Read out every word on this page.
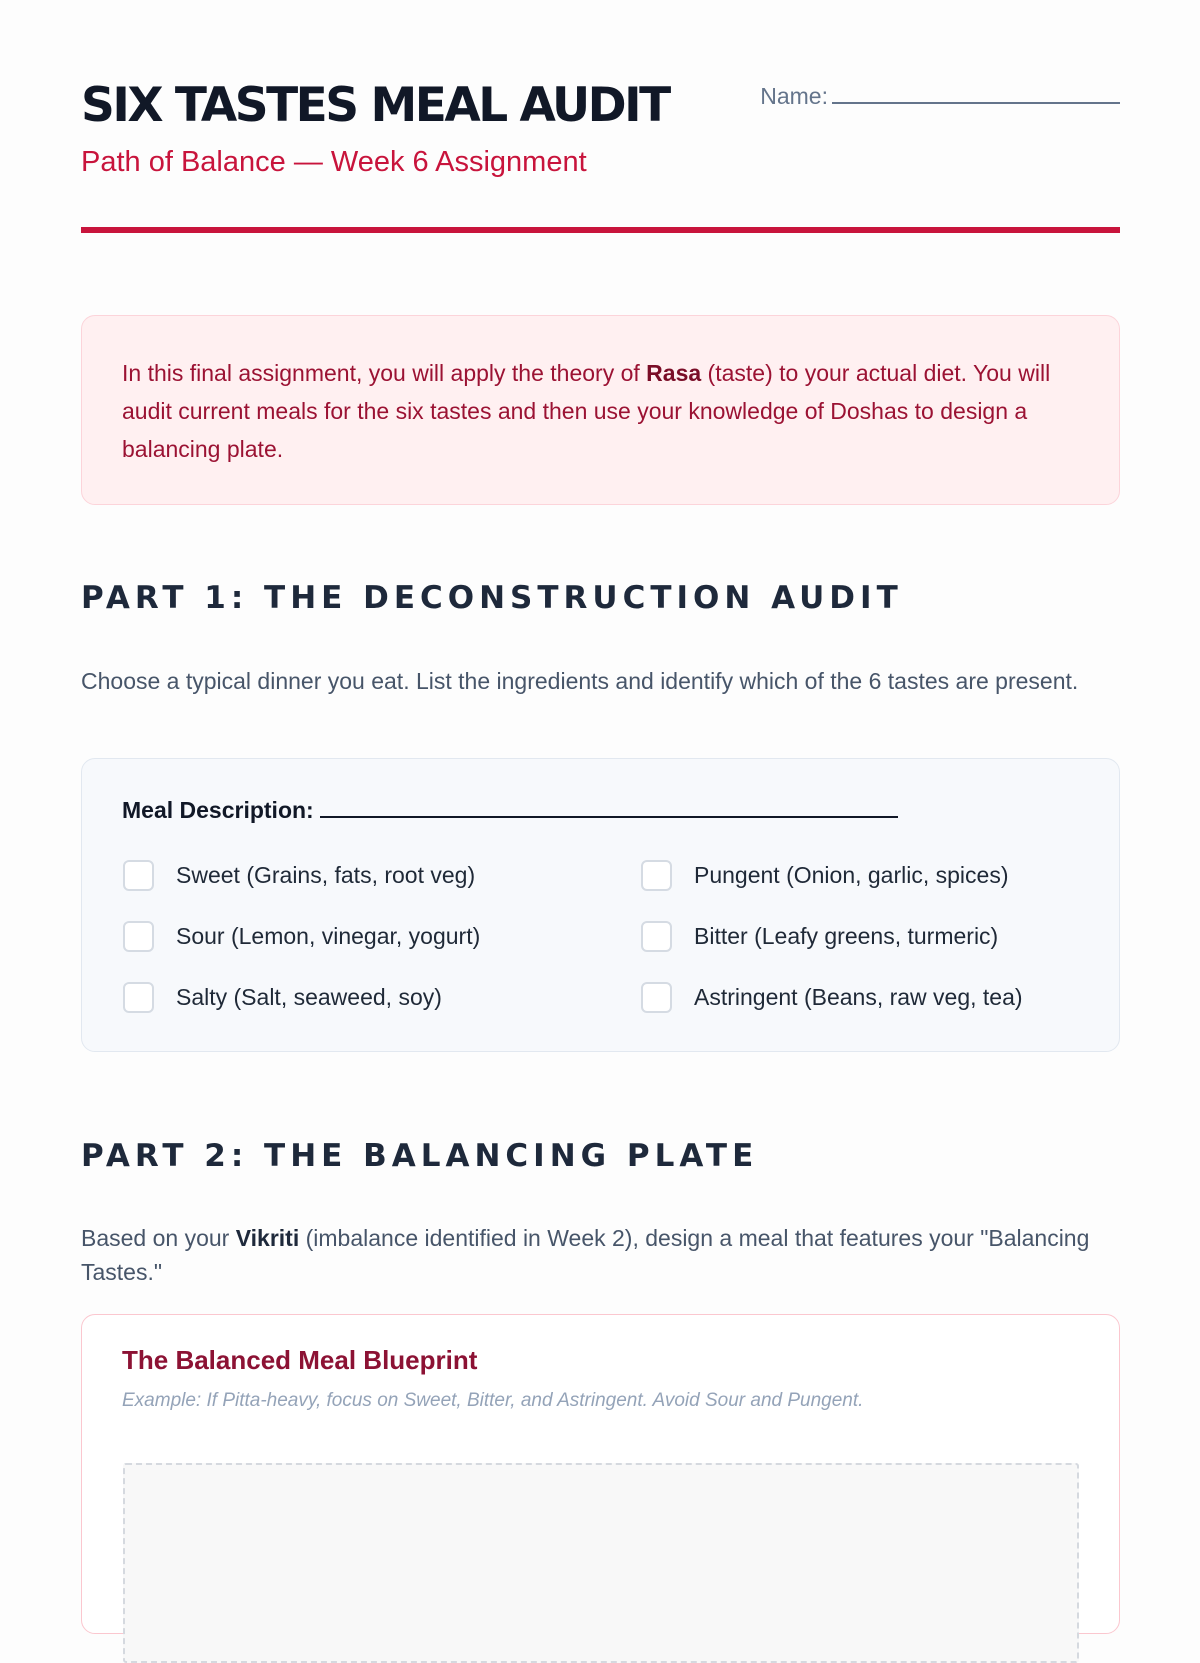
SIX TASTES MEAL AUDIT

Path of Balance — Week 6 Assignment

Name:
In this final assignment, you will apply the theory of Rasa (taste) to your actual diet. You will audit current meals for the six tastes and then use your knowledge of Doshas to design a balancing plate.
PART 1: THE DECONSTRUCTION AUDIT

Choose a typical dinner you eat. List the ingredients and identify which of the 6 tastes are present.

Meal Description:

Sweet (Grains, fats, root veg)	Pungent (Onion, garlic, spices)
Sour (Lemon, vinegar, yogurt)	Bitter (Leafy greens, turmeric)
Salty (Salt, seaweed, soy)	Astringent (Beans, raw veg, tea)
PART 2: THE BALANCING PLATE

Based on your Vikriti (imbalance identified in Week 2), design a meal that features your "Balancing Tastes."

The Balanced Meal Blueprint

Example: If Pitta-heavy, focus on Sweet, Bitter, and Astringent. Avoid Sour and Pungent.
